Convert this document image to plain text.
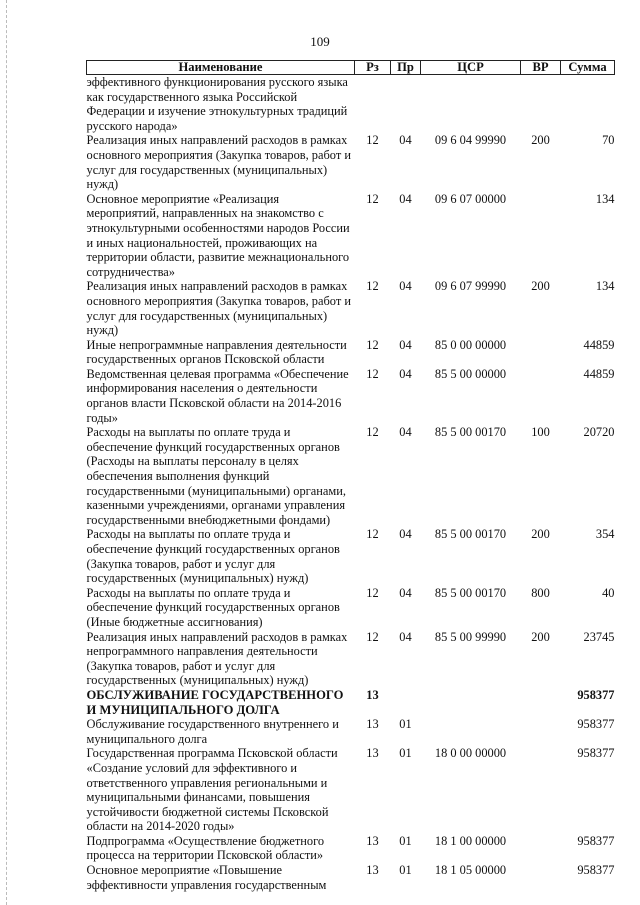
109
Наименование	Рз	Пр	ЦСР	ВР	Сумма
эффективного функционирования русского языка как государственного языка Российской Федерации и изучение этнокультурных традиций русского народа»					
Реализация иных направлений расходов в рамках основного мероприятия (Закупка товаров, работ и услуг для государственных (муниципальных) нужд)	12	04	09 6 04 99990	200	70
Основное мероприятие «Реализация мероприятий, направленных на знакомство с этнокультурными особенностями народов России и иных национальностей, проживающих на территории области, развитие межнационального сотрудничества»	12	04	09 6 07 00000		134
Реализация иных направлений расходов в рамках основного мероприятия (Закупка товаров, работ и услуг для государственных (муниципальных) нужд)	12	04	09 6 07 99990	200	134
Иные непрограммные направления деятельности государственных органов Псковской области	12	04	85 0 00 00000		44859
Ведомственная целевая программа «Обеспечение информирования населения о деятельности органов власти Псковской области на 2014-2016 годы»	12	04	85 5 00 00000		44859
Расходы на выплаты по оплате труда и обеспечение функций государственных органов (Расходы на выплаты персоналу в целях обеспечения выполнения функций государственными (муниципальными) органами, казенными учреждениями, органами управления государственными внебюджетными фондами)	12	04	85 5 00 00170	100	20720
Расходы на выплаты по оплате труда и обеспечение функций государственных органов (Закупка товаров, работ и услуг для государственных (муниципальных) нужд)	12	04	85 5 00 00170	200	354
Расходы на выплаты по оплате труда и обеспечение функций государственных органов (Иные бюджетные ассигнования)	12	04	85 5 00 00170	800	40
Реализация иных направлений расходов в рамках непрограммного направления деятельности (Закупка товаров, работ и услуг для государственных (муниципальных) нужд)	12	04	85 5 00 99990	200	23745
ОБСЛУЖИВАНИЕ ГОСУДАРСТВЕННОГО И МУНИЦИПАЛЬНОГО ДОЛГА	13				958377
Обслуживание государственного внутреннего и муниципального долга	13	01			958377
Государственная программа Псковской области «Создание условий для эффективного и ответственного управления региональными и муниципальными финансами, повышения устойчивости бюджетной системы Псковской области на 2014-2020 годы»	13	01	18 0 00 00000		958377
Подпрограмма «Осуществление бюджетного процесса на территории Псковской области»	13	01	18 1 00 00000		958377
Основное мероприятие «Повышение эффективности управления государственным	13	01	18 1 05 00000		958377
